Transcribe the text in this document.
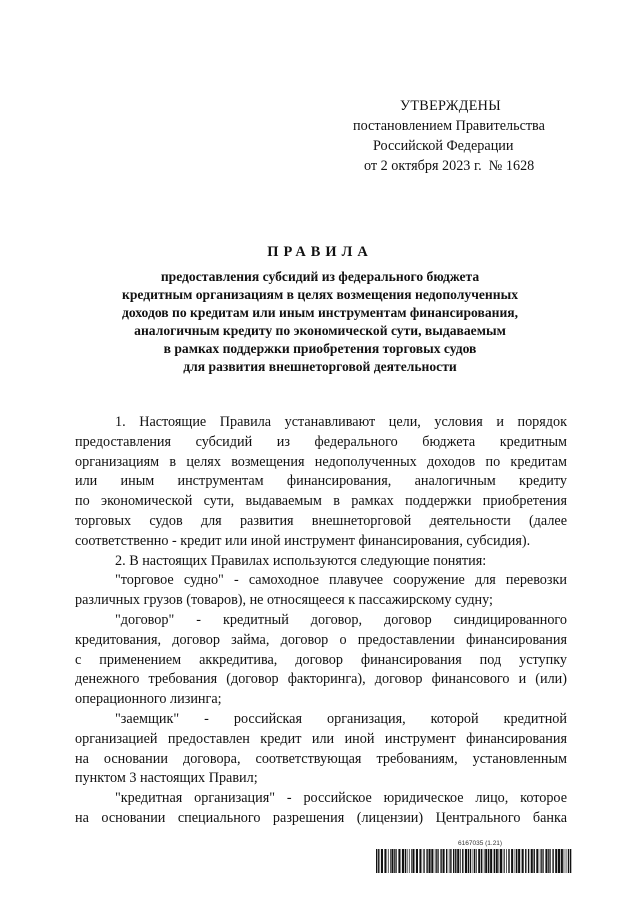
УТВЕРЖДЕНЫ
постановлением Правительства
Российской Федерации
от 2 октября 2023 г.  № 1628
ПРАВИЛА
предоставления субсидий из федерального бюджета
кредитным организациям в целях возмещения недополученных
доходов по кредитам или иным инструментам финансирования,
аналогичным кредиту по экономической сути, выдаваемым
в рамках поддержки приобретения торговых судов
для развития внешнеторговой деятельности
1. Настоящие Правила устанавливают цели, условия и порядок
предоставления субсидий из федерального бюджета кредитным
организациям в целях возмещения недополученных доходов по кредитам
или иным инструментам финансирования, аналогичным кредиту
по экономической сути, выдаваемым в рамках поддержки приобретения
торговых судов для развития внешнеторговой деятельности (далее
соответственно - кредит или иной инструмент финансирования, субсидия).
2. В настоящих Правилах используются следующие понятия:
"торговое судно" - самоходное плавучее сооружение для перевозки
различных грузов (товаров), не относящееся к пассажирскому судну;
"договор" - кредитный договор, договор синдицированного
кредитования, договор займа, договор о предоставлении финансирования
с применением аккредитива, договор финансирования под уступку
денежного требования (договор факторинга), договор финансового и (или)
операционного лизинга;
"заемщик" - российская организация, которой кредитной
организацией предоставлен кредит или иной инструмент финансирования
на основании договора, соответствующая требованиям, установленным
пунктом 3 настоящих Правил;
"кредитная организация" - российское юридическое лицо, которое
на основании специального разрешения (лицензии) Центрального банка
6167035 (1.21)
